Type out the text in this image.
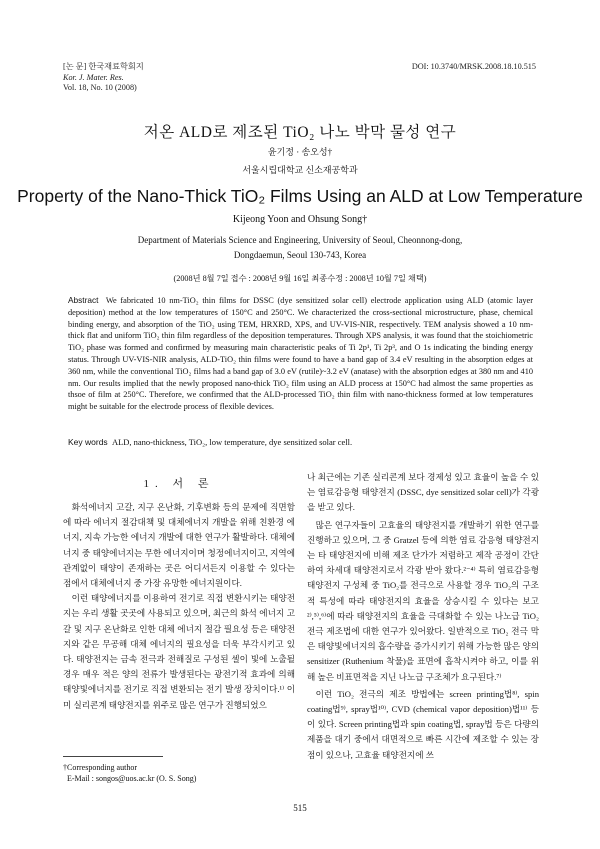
[논 문] 한국재료학회지
Kor. J. Mater. Res.
Vol. 18, No. 10 (2008)
DOI: 10.3740/MRSK.2008.18.10.515
저온 ALD로 제조된 TiO₂ 나노 박막 물성 연구
윤기정 · 송오성†
서울시립대학교 신소재공학과
Property of the Nano-Thick TiO₂ Films Using an ALD at Low Temperature
Kijeong Yoon and Ohsung Song†
Department of Materials Science and Engineering, University of Seoul, Cheonnong-dong,
Dongdaemun, Seoul 130-743, Korea
(2008년 8월 7일 접수 : 2008년 9월 16일 최종수정 : 2008년 10월 7일 채택)
Abstract We fabricated 10 nm-TiO₂ thin films for DSSC (dye sensitized solar cell) electrode application using ALD (atomic layer deposition) method at the low temperatures of 150°C and 250°C. We characterized the cross-sectional microstructure, phase, chemical binding energy, and absorption of the TiO₂ using TEM, HRXRD, XPS, and UV-VIS-NIR, respectively. TEM analysis showed a 10 nm-thick flat and uniform TiO₂ thin film regardless of the deposition temperatures. Through XPS analysis, it was found that the stoichiometric TiO₂ phase was formed and confirmed by measuring main characteristic peaks of Ti 2p¹, Ti 2p³, and O 1s indicating the binding energy status. Through UV-VIS-NIR analysis, ALD-TiO₂ thin films were found to have a band gap of 3.4 eV resulting in the absorption edges at 360 nm, while the conventional TiO₂ films had a band gap of 3.0 eV (rutile)~3.2 eV (anatase) with the absorption edges at 380 nm and 410 nm. Our results implied that the newly proposed nano-thick TiO₂ film using an ALD process at 150°C had almost the same properties as thsoe of film at 250°C. Therefore, we confirmed that the ALD-processed TiO₂ thin film with nano-thickness formed at low temperatures might be suitable for the electrode process of flexible devices.
Key words ALD, nano-thickness, TiO₂, low temperature, dye sensitized solar cell.
1. 서 론

화석에너지 고갈, 지구 온난화, 기후변화 등의 문제에 직면함에 따라 에너지 절감대책 및 대체에너지 개발을 위해 친환경 에너지, 지속 가능한 에너지 개발에 대한 연구가 활발하다. 대체에너지 중 태양에너지는 무한 에너지이며 청정에너지이고, 지역에 관계없이 태양이 존재하는 곳은 어디서든지 이용할 수 있다는 점에서 대체에너지 중 가장 유망한 에너지원이다.

이런 태양에너지를 이용하여 전기로 직접 변환시키는 태양전지는 우리 생활 곳곳에 사용되고 있으며, 최근의 화석 에너지 고갈 및 지구 온난화로 인한 대체 에너지 절감 필요성 등은 태양전지와 같은 무공해 대체 에너지의 필요성을 더욱 부각시키고 있다. 태양전지는 금속 전극과 전해질로 구성된 셀이 빛에 노출될 경우 매우 적은 양의 전류가 발생된다는 광전기적 효과에 의해 태양빛에너지를 전기로 직접 변환되는 전기 발생 장치이다.¹⁾ 이미 실리콘계 태양전지를 위주로 많은 연구가 진행되었으

†Corresponding author
E-Mail : songos@uos.ac.kr (O. S. Song)

나 최근에는 기존 실리콘계 보다 경제성 있고 효율이 높을 수 있는 염료감응형 태양전지 (DSSC, dye sensitized solar cell)가 각광을 받고 있다.

많은 연구자들이 고효율의 태양전지를 개발하기 위한 연구를 진행하고 있으며, 그 중 Gratzel 등에 의한 염료 감응형 태양전지는 타 태양전지에 비해 제조 단가가 저렴하고 제작 공정이 간단하여 차세대 태양전지로서 각광 받아 왔다.²⁻⁴⁾ 특히 염료감응형 태양전지 구성체 중 TiO₂를 전극으로 사용할 경우 TiO₂의 구조적 특성에 따라 태양전지의 효율을 상승시킬 수 있다는 보고²⁾,⁵⁾,⁶⁾에 따라 태양전지의 효율을 극대화할 수 있는 나노급 TiO₂ 전극 제조법에 대한 연구가 있어왔다. 일반적으로 TiO₂ 전극 막은 태양빛에너지의 흡수량을 증가시키기 위해 가능한 많은 양의 sensitizer (Ruthenium 착물)을 표면에 흡착시켜야 하고, 이를 위해 높은 비표면적을 지닌 나노급 구조체가 요구된다.⁷⁾

이런 TiO₂ 전극의 제조 방법에는 screen printing법⁸⁾, spin coating법⁹⁾, spray법¹⁰⁾, CVD (chemical vapor deposition)법¹¹⁾ 등이 있다. Screen printing법과 spin coating법, spray법 등은 다량의 제품을 대기 중에서 대면적으로 빠른 시간에 제조할 수 있는 장점이 있으나, 고효율 태양전지에 쓰

515
